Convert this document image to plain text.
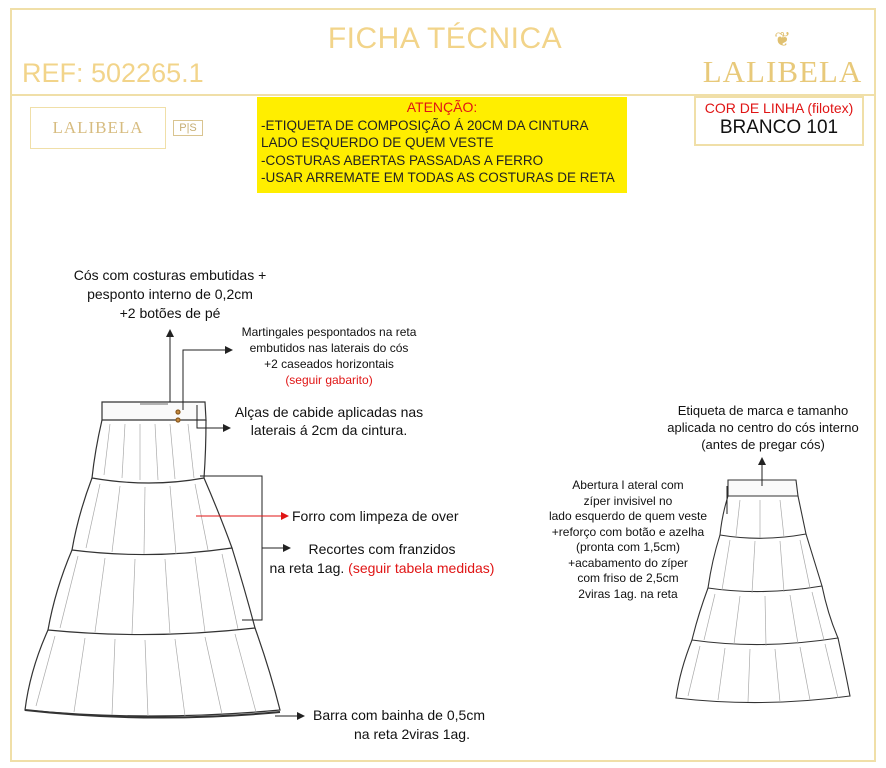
FICHA TÉCNICA
REF: 502265.1
❦
LALIBELA
LALIBELA	P|S
ATENÇÃO:
-ETIQUETA DE COMPOSIÇÃO Á 20CM DA CINTURA
LADO ESQUERDO DE QUEM VESTE
-COSTURAS ABERTAS PASSADAS A FERRO
-USAR ARREMATE EM TODAS AS COSTURAS DE RETA
COR DE LINHA (filotex)
BRANCO 101
Cós com costuras embutidas +
pesponto interno de 0,2cm
+2 botões de pé
Martingales pespontados na reta
embutidos nas laterais do cós
+2 caseados horizontais
(seguir gabarito)
Alças de cabide aplicadas nas
laterais á 2cm da cintura.
Forro com limpeza de over
Recortes com franzidos
na reta 1ag. (seguir tabela medidas)
Barra com bainha de 0,5cm
na reta 2viras 1ag.
Etiqueta de marca e tamanho
aplicada no centro do cós interno
(antes de pregar cós)
Abertura l ateral com
zíper invisivel no
lado esquerdo de quem veste
+reforço com botão e azelha
(pronta com 1,5cm)
+acabamento do zíper
com friso de 2,5cm
2viras 1ag. na reta
